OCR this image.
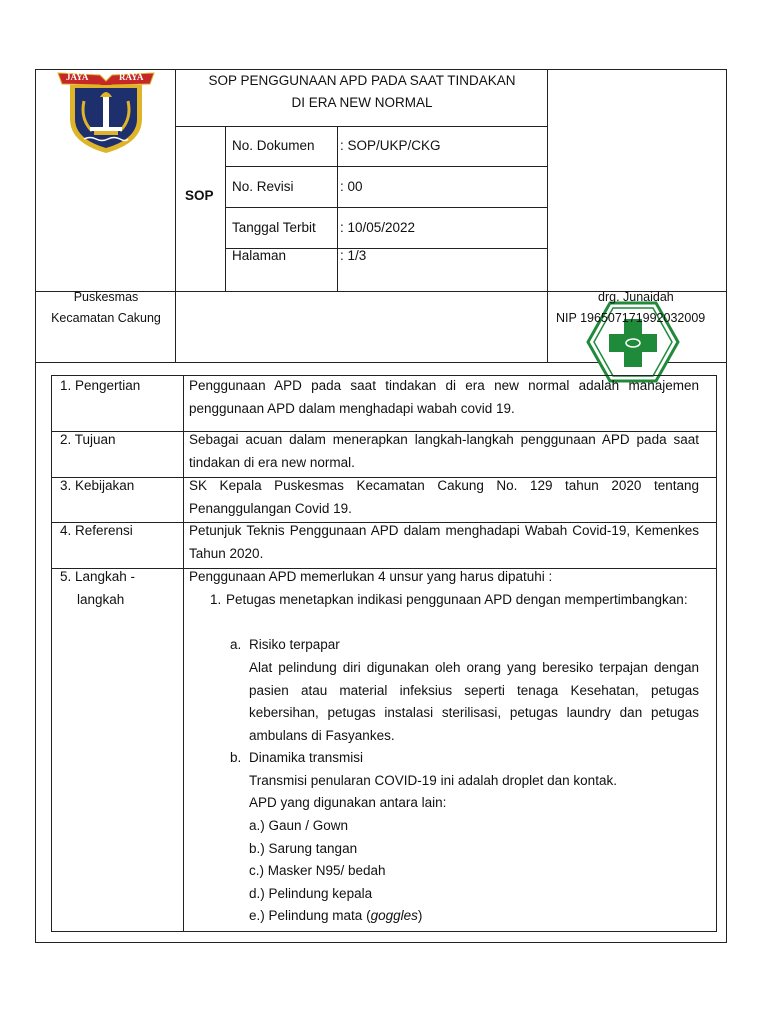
JAYA	RAYA	SOP PENGGUNAAN APD PADA SAAT TINDAKAN
DI ERA NEW NORMAL
SOP
No. Dokumen : SOP/UKP/CKG
No. Revisi	: 00
Tanggal Terbit : 10/05/2022
Halaman	: 1/3
Puskesmas
Kecamatan Cakung
drg. Junaidah
NIP 196507171992032009
1. Pengertian	Penggunaan APD pada saat tindakan di era new normal adalah manajemen penggunaan APD dalam menghadapi wabah covid 19.
2. Tujuan	Sebagai acuan dalam menerapkan langkah-langkah penggunaan APD pada saat tindakan di era new normal.
3. Kebijakan	SK Kepala Puskesmas Kecamatan Cakung No. 129 tahun 2020 tentang Penanggulangan Covid 19.
4. Referensi	Petunjuk Teknis Penggunaan APD dalam menghadapi Wabah Covid-19, Kemenkes Tahun 2020.
5. Langkah -
langkah
Penggunaan APD memerlukan 4 unsur yang harus dipatuhi :
1. Petugas menetapkan indikasi penggunaan APD dengan mempertimbangkan:
a. Risiko terpapar
Alat pelindung diri digunakan oleh orang yang beresiko terpajan dengan pasien atau material infeksius seperti tenaga Kesehatan, petugas kebersihan, petugas instalasi sterilisasi, petugas laundry dan petugas ambulans di Fasyankes.
b. Dinamika transmisi
Transmisi penularan COVID-19 ini adalah droplet dan kontak.
APD yang digunakan antara lain:
a.) Gaun / Gown
b.) Sarung tangan
c.) Masker N95/ bedah
d.) Pelindung kepala
e.) Pelindung mata (goggles)
